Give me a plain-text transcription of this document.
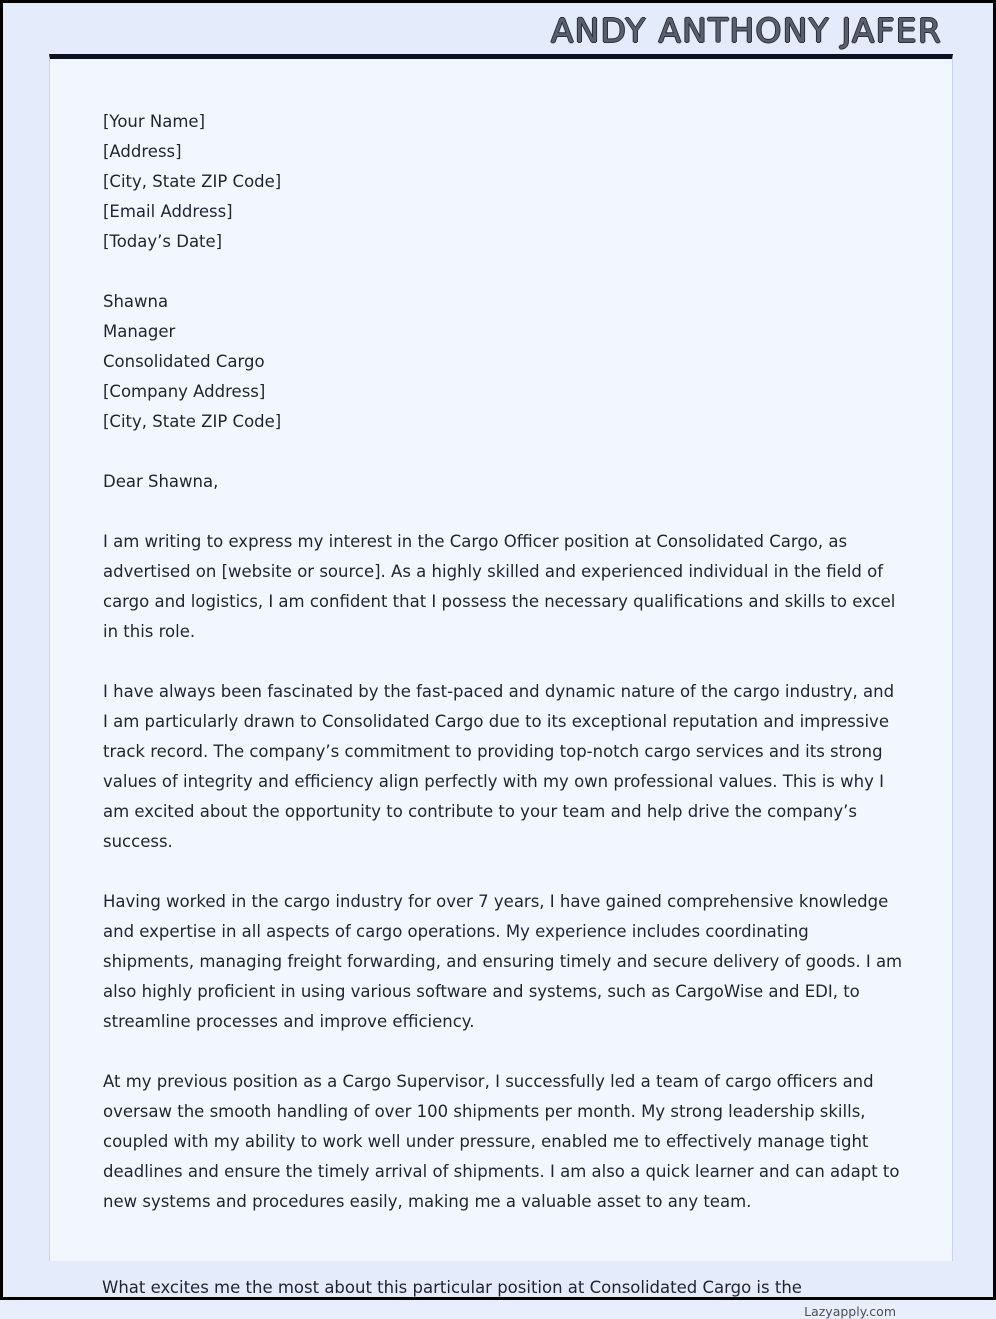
ANDY ANTHONY JAFER
[Your Name]
[Address]
[City, State ZIP Code]
[Email Address]
[Today’s Date]
Shawna
Manager
Consolidated Cargo
[Company Address]
[City, State ZIP Code]
Dear Shawna,

I am writing to express my interest in the Cargo Officer position at Consolidated Cargo, as advertised on [website or source]. As a highly skilled and experienced individual in the field of cargo and logistics, I am confident that I possess the necessary qualifications and skills to excel in this role.

I have always been fascinated by the fast-paced and dynamic nature of the cargo industry, and I am particularly drawn to Consolidated Cargo due to its exceptional reputation and impressive track record. The company’s commitment to providing top-notch cargo services and its strong values of integrity and efficiency align perfectly with my own professional values. This is why I am excited about the opportunity to contribute to your team and help drive the company’s success.

Having worked in the cargo industry for over 7 years, I have gained comprehensive knowledge and expertise in all aspects of cargo operations. My experience includes coordinating shipments, managing freight forwarding, and ensuring timely and secure delivery of goods. I am also highly proficient in using various software and systems, such as CargoWise and EDI, to streamline processes and improve efficiency.

At my previous position as a Cargo Supervisor, I successfully led a team of cargo officers and oversaw the smooth handling of over 100 shipments per month. My strong leadership skills, coupled with my ability to work well under pressure, enabled me to effectively manage tight deadlines and ensure the timely arrival of shipments. I am also a quick learner and can adapt to new systems and procedures easily, making me a valuable asset to any team.

Lazyapply.com
What excites me the most about this particular position at Consolidated Cargo is the
